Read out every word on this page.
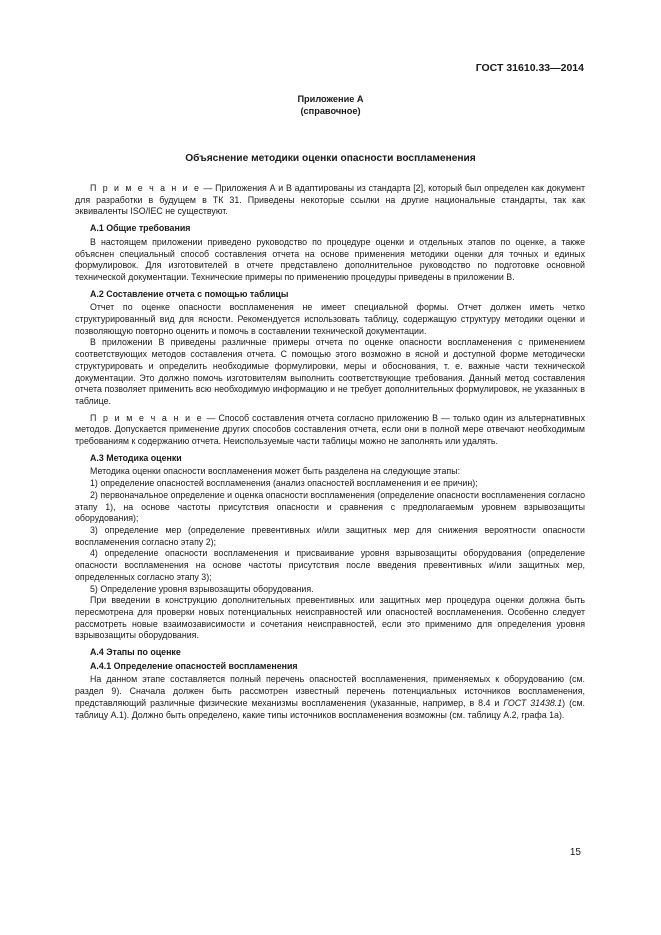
ГОСТ 31610.33—2014
Приложение А
(справочное)
Объяснение методики оценки опасности воспламенения

П р и м е ч а н и е — Приложения А и В адаптированы из стандарта [2], который был определен как документ для разработки в будущем в ТК 31. Приведены некоторые ссылки на другие национальные стандарты, так как эквиваленты ISO/IEC не существуют.

А.1 Общие требования

В настоящем приложении приведено руководство по процедуре оценки и отдельных этапов по оценке, а также объяснен специальный способ составления отчета на основе применения методики оценки для точных и единых формулировок. Для изготовителей в отчете представлено дополнительное руководство по подготовке основной технической документации. Технические примеры по применению процедуры приведены в приложении В.

А.2 Составление отчета с помощью таблицы

Отчет по оценке опасности воспламенения не имеет специальной формы. Отчет должен иметь четко структурированный вид для ясности. Рекомендуется использовать таблицу, содержащую структуру методики оценки и позволяющую повторно оценить и помочь в составлении технической документации.

В приложении В приведены различные примеры отчета по оценке опасности воспламенения с применением соответствующих методов составления отчета. С помощью этого возможно в ясной и доступной форме методически структурировать и определить необходимые формулировки, меры и обоснования, т. е. важные части технической документации. Это должно помочь изготовителям выполнить соответствующие требования. Данный метод составления отчета позволяет применить всю необходимую информацию и не требует дополнительных формулировок, не указанных в таблице.

П р и м е ч а н и е — Способ составления отчета согласно приложению В — только один из альтернативных методов. Допускается применение других способов составления отчета, если они в полной мере отвечают необходимым требованиям к содержанию отчета. Неиспользуемые части таблицы можно не заполнять или удалять.

А.3 Методика оценки

Методика оценки опасности воспламенения может быть разделена на следующие этапы:

1) определение опасностей воспламенения (анализ опасностей воспламенения и ее причин);

2) первоначальное определение и оценка опасности воспламенения (определение опасности воспламенения согласно этапу 1), на основе частоты присутствия опасности и сравнения с предполагаемым уровнем взрывозащиты оборудования);

3) определение мер (определение превентивных и/или защитных мер для снижения вероятности опасности воспламенения согласно этапу 2);

4) определение опасности воспламенения и присваивание уровня взрывозащиты оборудования (определение опасности воспламенения на основе частоты присутствия после введения превентивных и/или защитных мер, определенных согласно этапу 3);

5) Определение уровня взрывозащиты оборудования.

При введении в конструкцию дополнительных превентивных или защитных мер процедура оценки должна быть пересмотрена для проверки новых потенциальных неисправностей или опасностей воспламенения. Особенно следует рассмотреть новые взаимозависимости и сочетания неисправностей, если это применимо для определения уровня взрывозащиты оборудования.

А.4 Этапы по оценке
А.4.1 Определение опасностей воспламенения

На данном этапе составляется полный перечень опасностей воспламенения, применяемых к оборудованию (см. раздел 9). Сначала должен быть рассмотрен известный перечень потенциальных источников воспламенения, представляющий различные физические механизмы воспламенения (указанные, например, в 8.4 и ГОСТ 31438.1) (см. таблицу А.1). Должно быть определено, какие типы источников воспламенения возможны (см. таблицу А.2, графа 1а).

15
